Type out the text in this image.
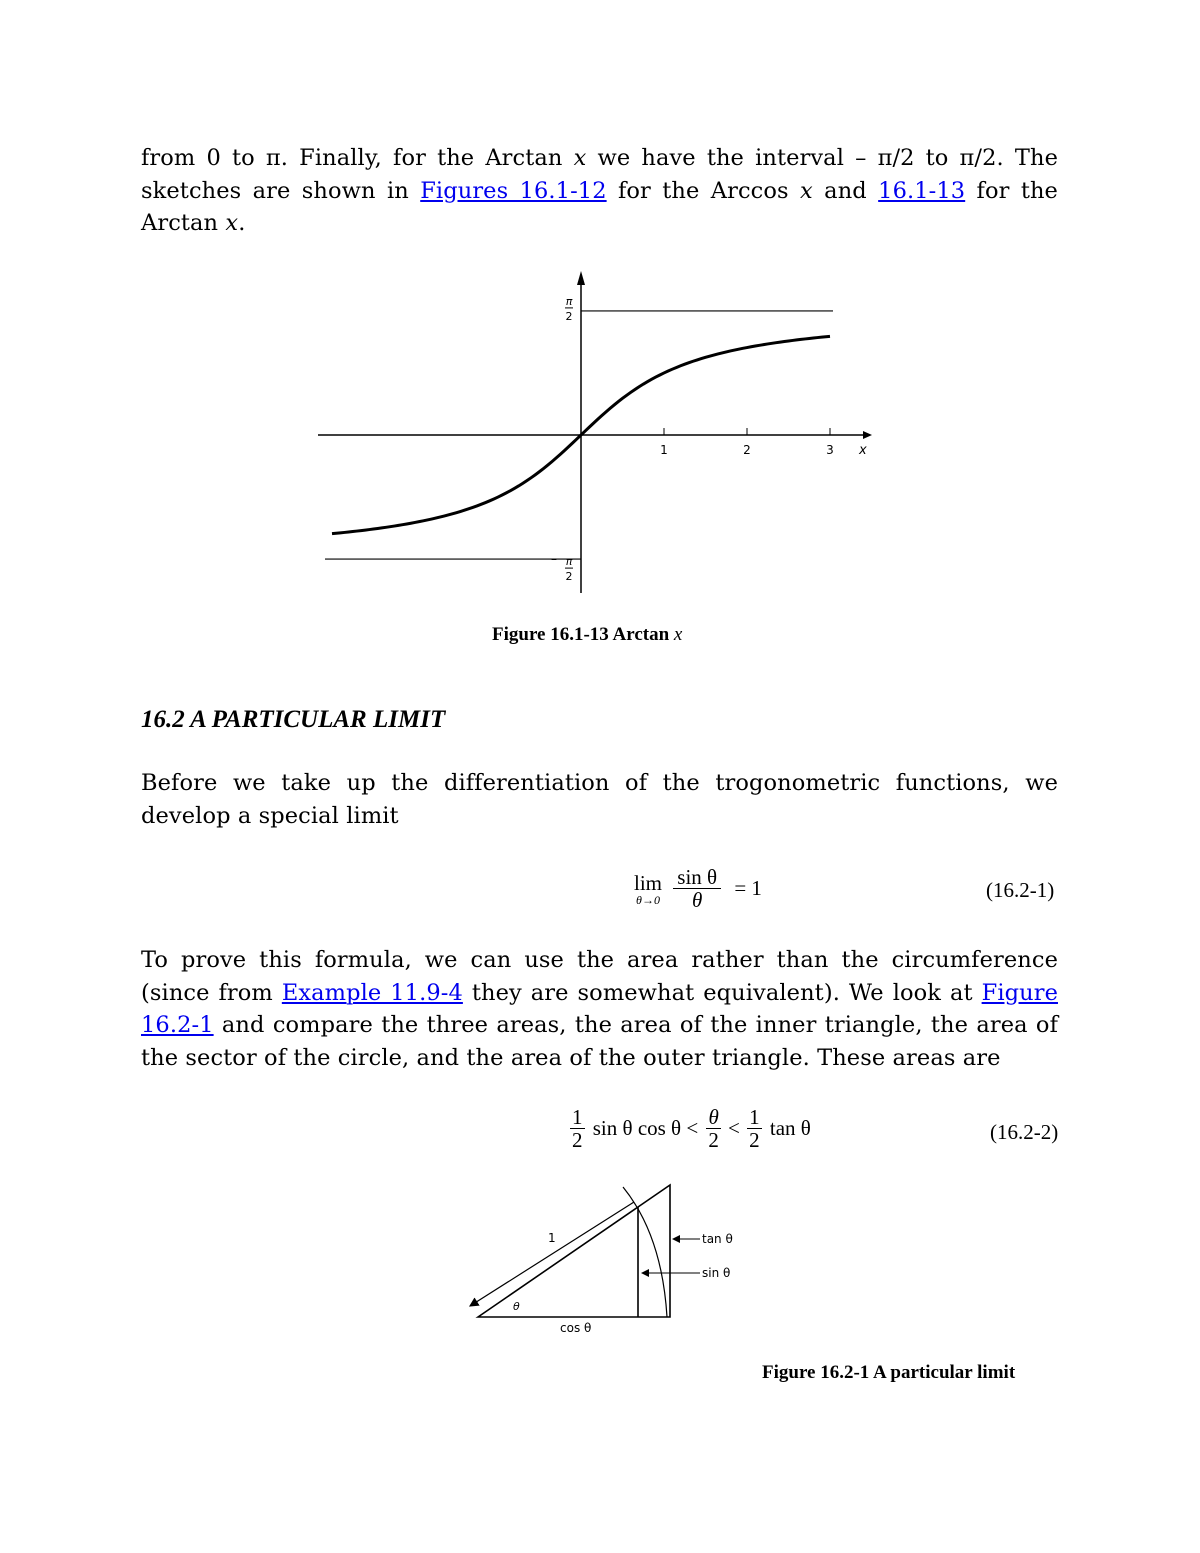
from 0 to π. Finally, for the Arctan x we have the interval – π/2 to π/2. The sketches are shown in Figures 16.1-12 for the Arccos x and 16.1-13 for the Arctan x.
1	2	3 x
π
2
– π
2
Figure 16.1-13 Arctan x
16.2 A PARTICULAR LIMIT
Before we take up the differentiation of the trogonometric functions, we develop a special limit
lim
θ→0
$\frac{\text{sin θ}}{\theta} = 1$	(16.2-1)
To prove this formula, we can use the area rather than the circumference (since from Example 11.9-4 they are somewhat equivalent). We look at Figure 16.2-1 and compare the three areas, the area of the inner triangle, the area of the sector of the circle, and the area of the outer triangle. These areas are
$\frac{1}{2}$ sin θ $\cos \theta < \frac{\theta}{2} < \frac{1}{2}$ tan θ	(16.2-2)
1
θ
cos θ
tan θ
sin θ
Figure 16.2-1 A particular limit
